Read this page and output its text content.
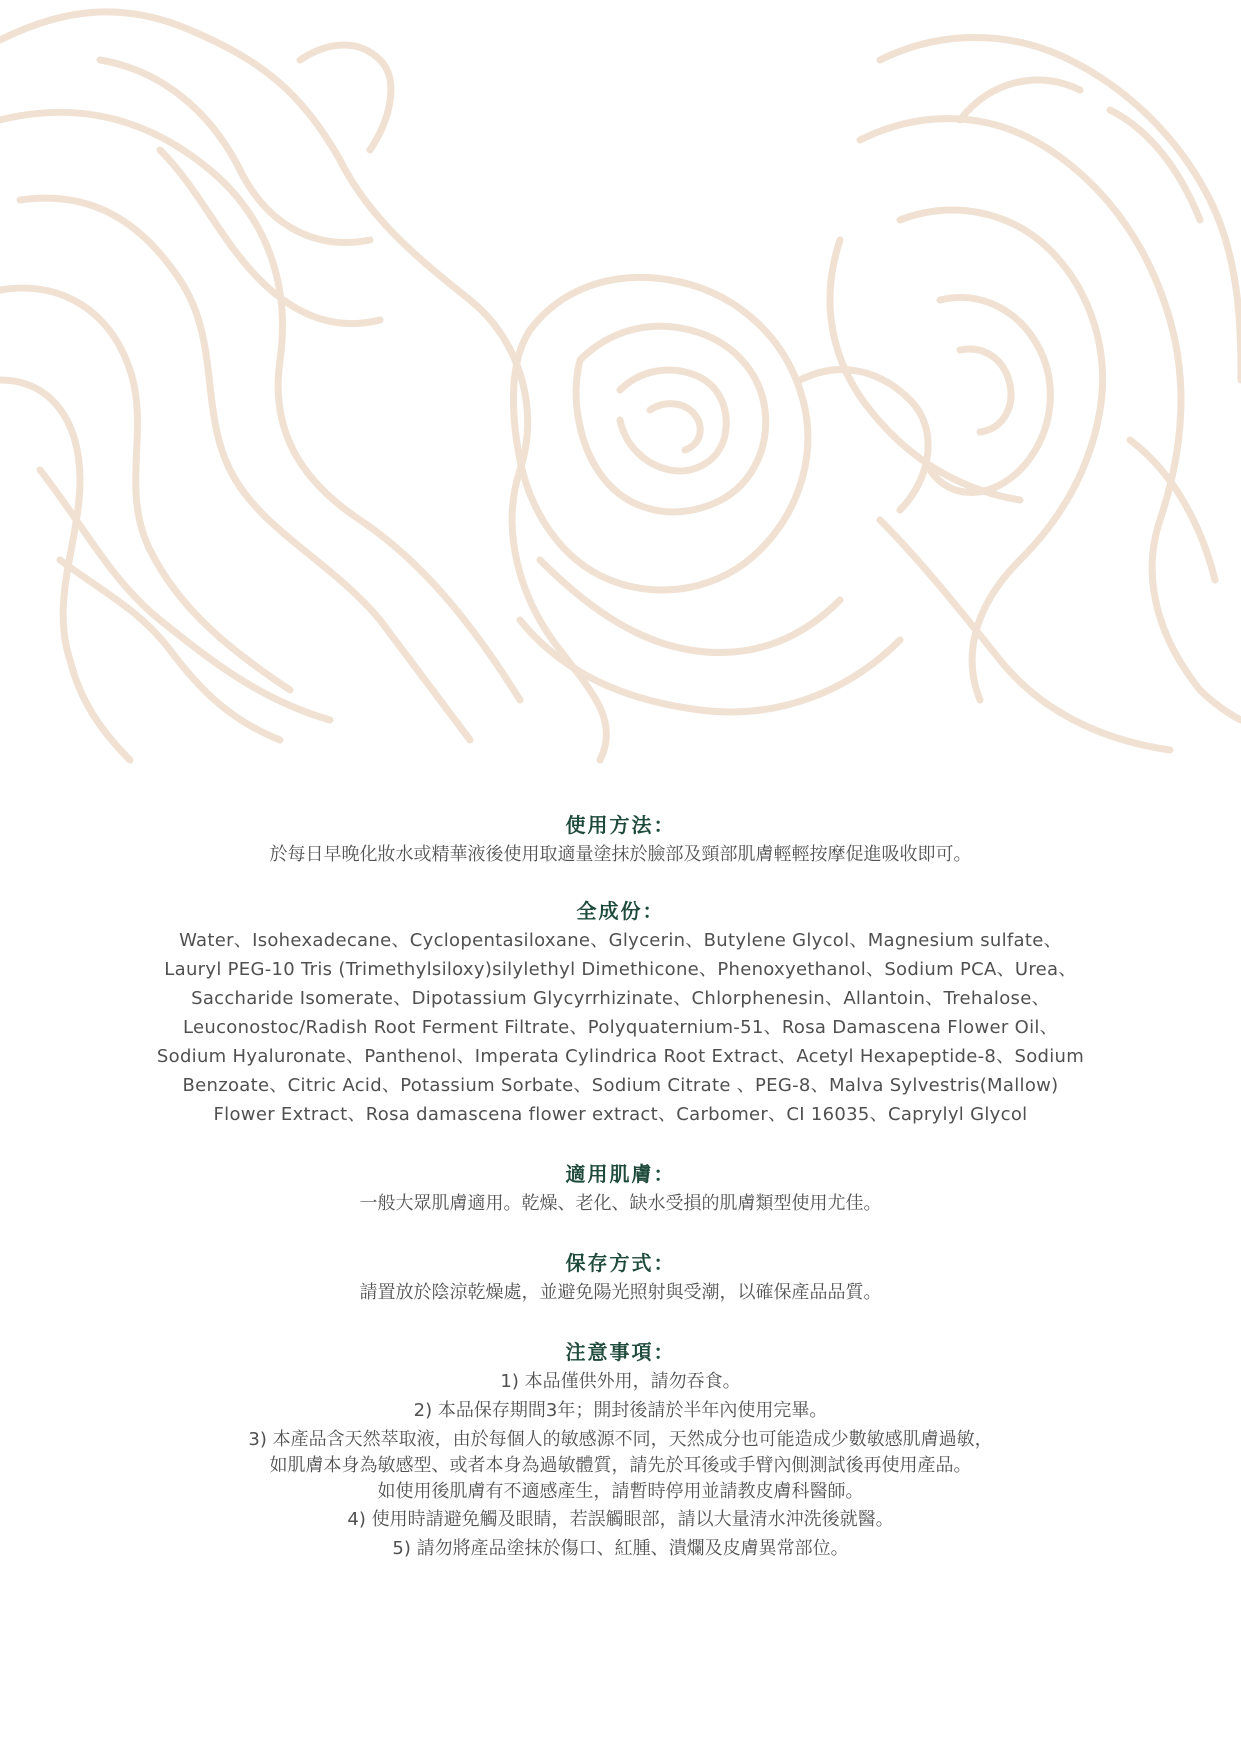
使用方法：
於每日早晚化妝水或精華液後使用取適量塗抹於臉部及頸部肌膚輕輕按摩促進吸收即可。
全成份：
Water、Isohexadecane、Cyclopentasiloxane、Glycerin、Butylene Glycol、Magnesium sulfate、Lauryl PEG-10 Tris (Trimethylsiloxy)silylethyl Dimethicone、Phenoxyethanol、Sodium PCA、Urea、Saccharide Isomerate、Dipotassium Glycyrrhizinate、Chlorphenesin、Allantoin、Trehalose、Leuconostoc/Radish Root Ferment Filtrate、Polyquaternium-51、Rosa Damascena Flower Oil、Sodium Hyaluronate、Panthenol、Imperata Cylindrica Root Extract、Acetyl Hexapeptide-8、Sodium Benzoate、Citric Acid、Potassium Sorbate、Sodium Citrate 、PEG-8、Malva Sylvestris(Mallow) Flower Extract、Rosa damascena flower extract、Carbomer、CI 16035、Caprylyl Glycol
適用肌膚：
一般大眾肌膚適用。乾燥、老化、缺水受損的肌膚類型使用尤佳。
保存方式：
請置放於陰涼乾燥處，並避免陽光照射與受潮，以確保產品品質。
注意事項：
1) 本品僅供外用，請勿吞食。
2) 本品保存期間3年；開封後請於半年內使用完畢。
3) 本產品含天然萃取液，由於每個人的敏感源不同，天然成分也可能造成少數敏感肌膚過敏，
如肌膚本身為敏感型、或者本身為過敏體質，請先於耳後或手臂內側測試後再使用產品。
如使用後肌膚有不適感產生，請暫時停用並請教皮膚科醫師。
4) 使用時請避免觸及眼睛，若誤觸眼部，請以大量清水沖洗後就醫。
5) 請勿將產品塗抹於傷口、紅腫、潰爛及皮膚異常部位。
